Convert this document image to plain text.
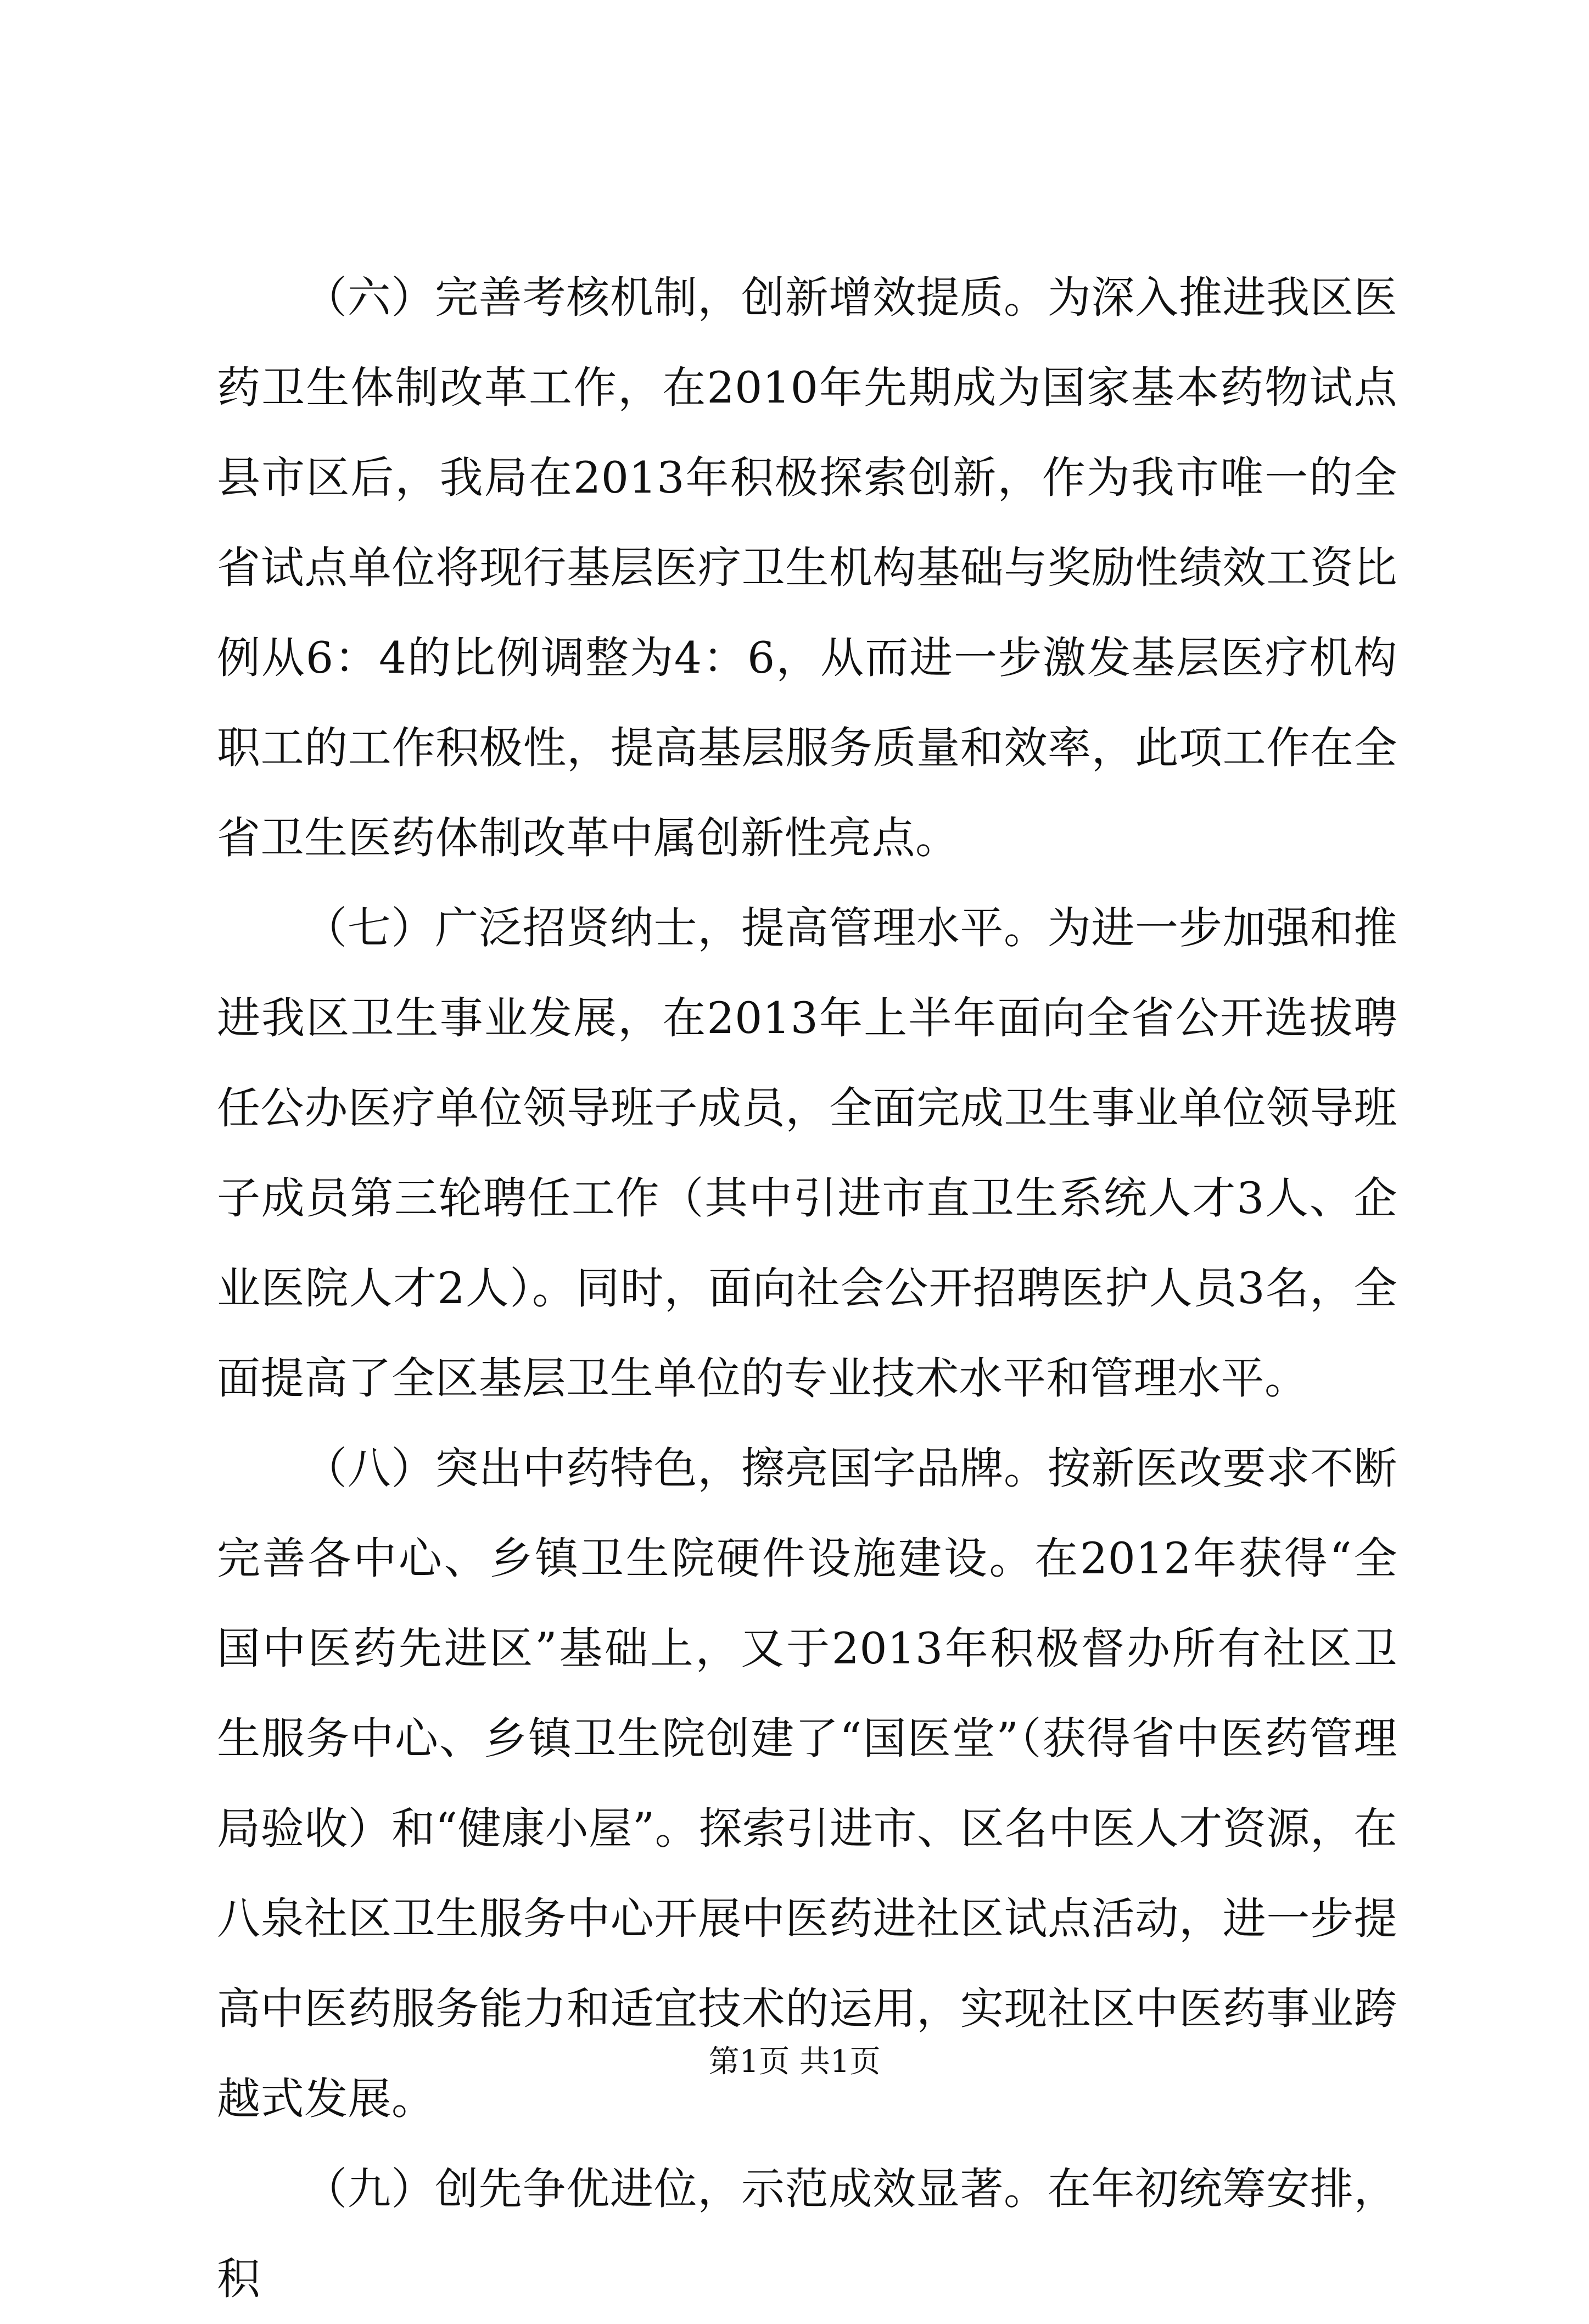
（六）完善考核机制，创新增效提质。为深入推进我区医药卫生体制改革工作，在2010年先期成为国家基本药物试点县市区后，我局在2013年积极探索创新，作为我市唯一的全省试点单位将现行基层医疗卫生机构基础与奖励性绩效工资比例从6：4的比例调整为4：6，从而进一步激发基层医疗机构职工的工作积极性，提高基层服务质量和效率，此项工作在全省卫生医药体制改革中属创新性亮点。

（七）广泛招贤纳士，提高管理水平。为进一步加强和推进我区卫生事业发展，在2013年上半年面向全省公开选拔聘任公办医疗单位领导班子成员，全面完成卫生事业单位领导班子成员第三轮聘任工作（其中引进市直卫生系统人才3人、企业医院人才2人）。同时，面向社会公开招聘医护人员3名，全面提高了全区基层卫生单位的专业技术水平和管理水平。

（八）突出中药特色，擦亮国字品牌。按新医改要求不断完善各中心、乡镇卫生院硬件设施建设。在2012年获得“全国中医药先进区”基础上，又于2013年积极督办所有社区卫生服务中心、乡镇卫生院创建了“国医堂”（获得省中医药管理局验收）和“健康小屋”。探索引进市、区名中医人才资源，在八泉社区卫生服务中心开展中医药进社区试点活动，进一步提高中医药服务能力和适宜技术的运用，实现社区中医药事业跨越式发展。

（九）创先争优进位，示范成效显著。在年初统筹安排，积

第1页 共1页
